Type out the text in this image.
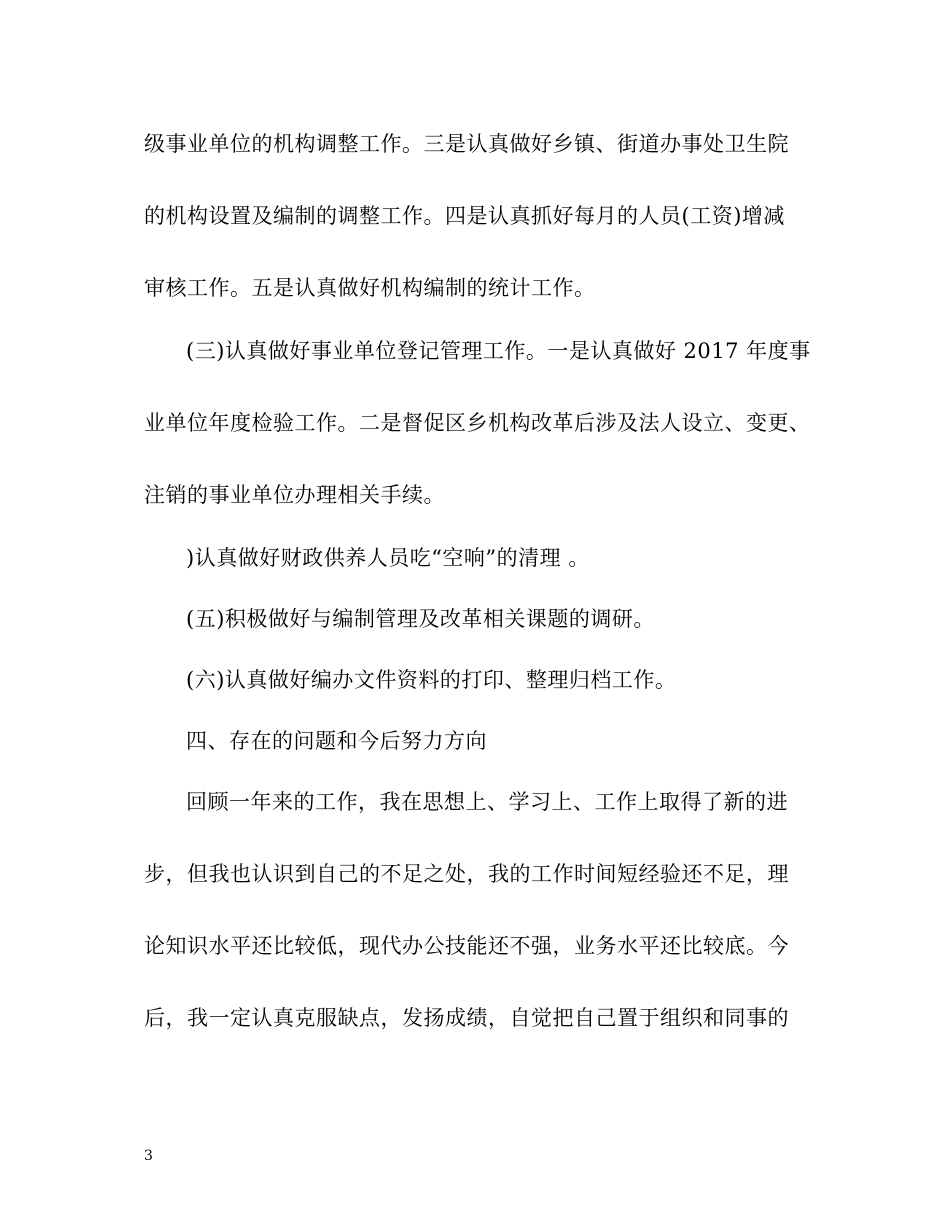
级事业单位的机构调整工作。三是认真做好乡镇、街道办事处卫生院
的机构设置及编制的调整工作。四是认真抓好每月的人员(工资)增减
审核工作。五是认真做好机构编制的统计工作。
(三)认真做好事业单位登记管理工作。一是认真做好 2017 年度事
业单位年度检验工作。二是督促区乡机构改革后涉及法人设立、变更、
注销的事业单位办理相关手续。
)认真做好财政供养人员吃“空响”的清理 。
(五)积极做好与编制管理及改革相关课题的调研。
(六)认真做好编办文件资料的打印、整理归档工作。
四、存在的问题和今后努力方向
回顾一年来的工作，我在思想上、学习上、工作上取得了新的进
步，但我也认识到自己的不足之处，我的工作时间短经验还不足，理
论知识水平还比较低，现代办公技能还不强，业务水平还比较底。今
后，我一定认真克服缺点，发扬成绩，自觉把自己置于组织和同事的
3
